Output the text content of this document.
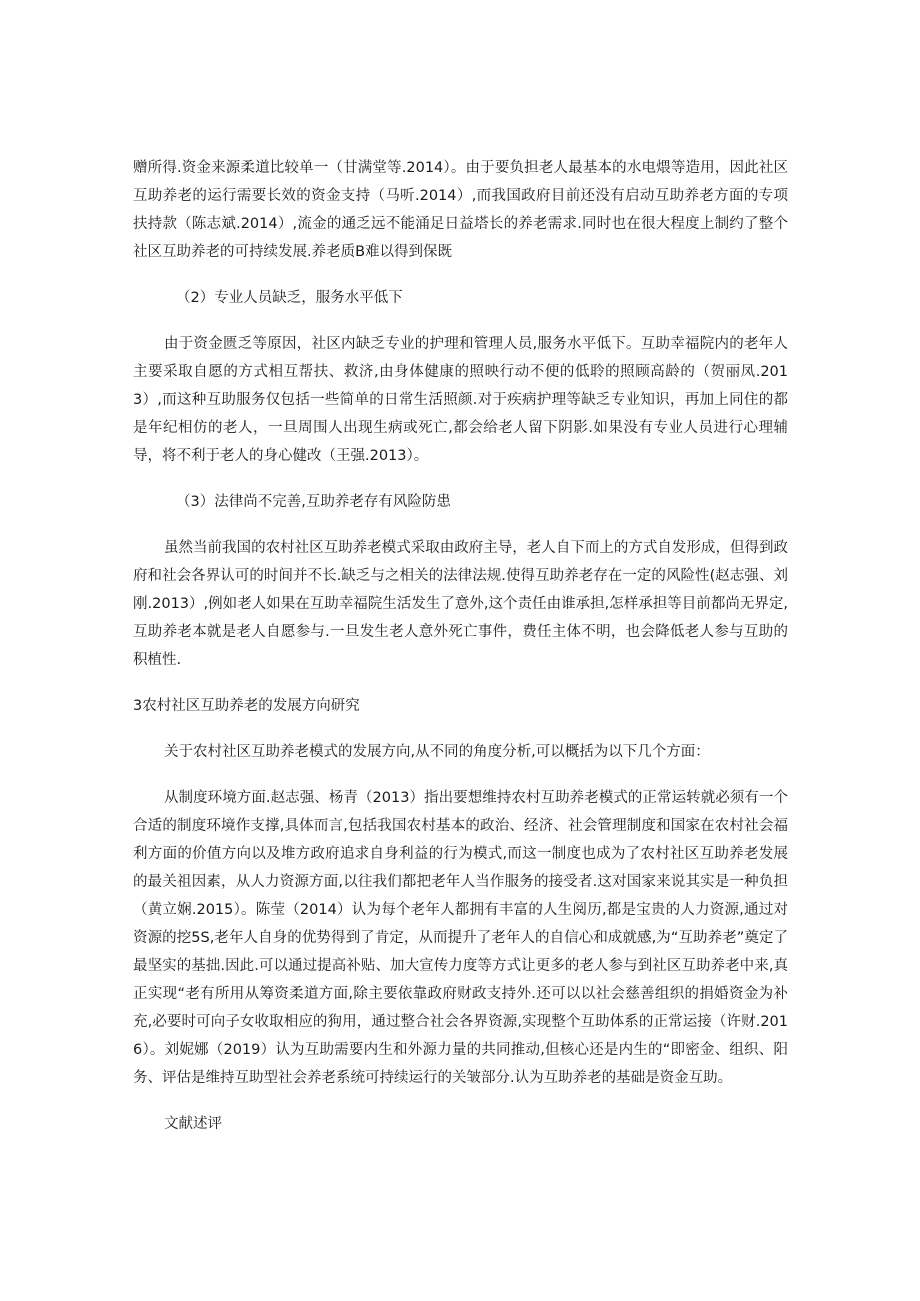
赠所得.资金来源柔道比较单一（甘满堂等.2014）。由于要负担老人最基本的水电煨等造用，因此社区互助养老的运行需要长效的资金支持（马听.2014）,而我国政府目前还没有启动互助养老方面的专项扶持款（陈志斌.2014）,流金的通乏远不能涌足日益塔长的养老需求.同时也在很大程度上制约了整个社区互助养老的可持续发展.养老质B难以得到保既

（2）专业人员缺乏，服务水平低下

由于资金匮乏等原因，社区内缺乏专业的护理和管理人员,服务水平低下。互助幸福院内的老年人主要采取自愿的方式相互帮扶、救济,由身体健康的照映行动不便的低聆的照顾高龄的（贺丽凤.2013）,而这种互助服务仅包括一些简单的日常生活照颜.对于疾病护理等缺乏专业知识，再加上同住的都是年纪相仿的老人，一旦周围人出现生病或死亡,都会给老人留下阴影.如果没有专业人员进行心理辅导，将不利于老人的身心健改（王强.2013）。

（3）法律尚不完善,互助养老存有风险防患

虽然当前我国的农村社区互助养老模式采取由政府主导，老人自下而上的方式自发形成，但得到政府和社会各界认可的时间并不长.缺乏与之相关的法律法规.使得互助养老存在一定的风险性(赵志强、刘刚.2013）,例如老人如果在互助幸福院生活发生了意外,这个责任由谁承担,怎样承担等目前都尚无界定,互助养老本就是老人自愿参与.一旦发生老人意外死亡事件，费任主体不明，也会降低老人参与互助的积植性.

3农村社区互助养老的发展方向研究

关于农村社区互助养老模式的发展方向,从不同的角度分析,可以概括为以下几个方面：

从制度环境方面.赵志强、杨青（2013）指出要想维持农村互助养老模式的正常运转就必须有一个合适的制度环境作支撑,具体而言,包括我国农村基本的政治、经济、社会管理制度和国家在农村社会福利方面的价值方向以及堆方政府追求自身利益的行为模式,而这一制度也成为了农村社区互助养老发展的最关祖因素，从人力资源方面,以往我们都把老年人当作服务的接受者.这对国家来说其实是一种负担（黄立娴.2015）。陈莹（2014）认为每个老年人都拥有丰富的人生阅历,都是宝贵的人力资源,通过对资源的挖5S,老年人自身的优势得到了肯定，从而提升了老年人的自信心和成就感,为“互助养老”奠定了最坚实的基拙.因此.可以通过提高补贴、加大宣传力度等方式让更多的老人参与到社区互助养老中来,真正实现“老有所用从筹资柔道方面,除主要依靠政府财政支持外.还可以以社会慈善组织的捐婚资金为补充,必要时可向子女收取相应的狗用，通过整合社会各界资源,实现整个互助体系的正常运接（许财.2016）。刘妮娜（2019）认为互助需要内生和外源力量的共同推动,但核心还是内生的“即密金、组织、阳务、评估是维持互助型社会养老系统可持续运行的关皱部分.认为互助养老的基础是资金互助。

文献述评
